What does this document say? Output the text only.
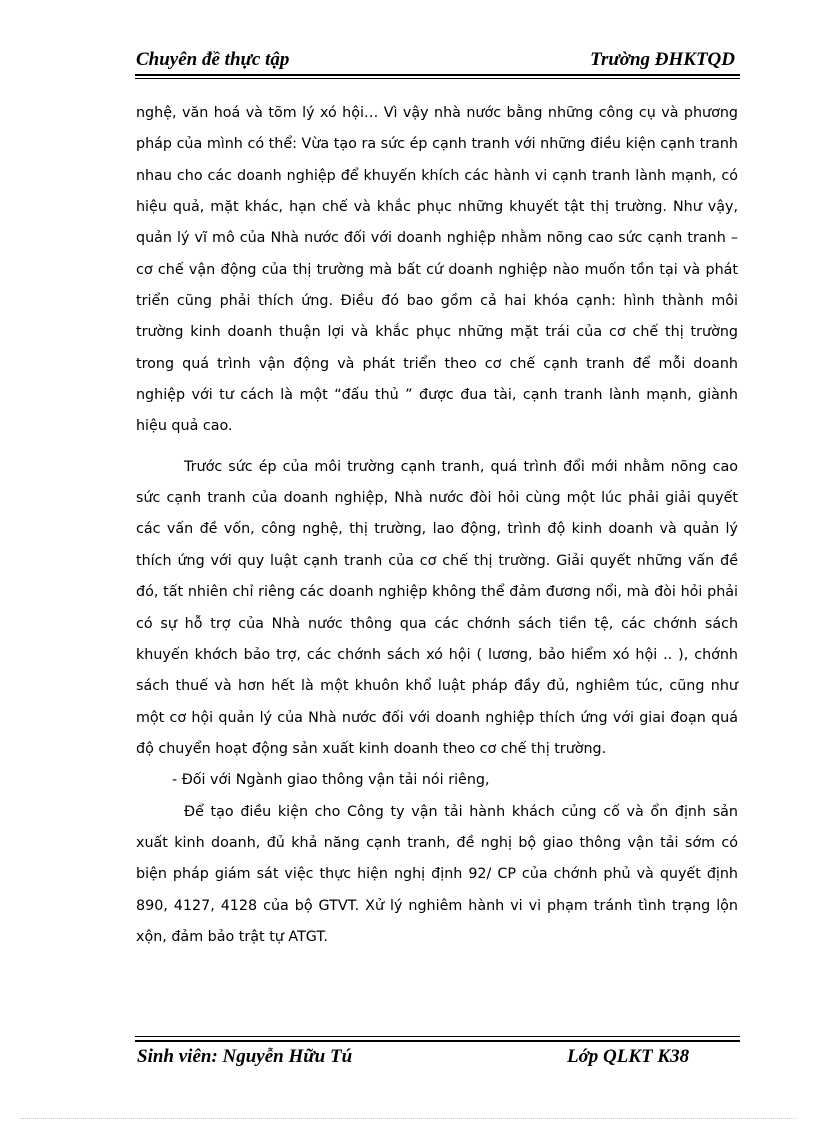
Chuyên đề thực tập	Trường ĐHKTQD

nghệ, văn hoá và tõm lý xó hội… Vì vậy nhà nước bằng những công cụ và phương pháp của mình có thể: Vừa tạo ra sức ép cạnh tranh với những điều kiện cạnh tranh nhau cho các doanh nghiệp để khuyến khích các hành vi cạnh tranh lành mạnh, có hiệu quả, mặt khác, hạn chế và khắc phục những khuyết tật thị trường. Như vậy, quản lý vĩ mô của Nhà nước đối với doanh nghiệp nhằm nõng cao sức cạnh tranh – cơ chế vận động của thị trường mà bất cứ doanh nghiệp nào muốn tồn tại và phát triển cũng phải thích ứng. Điều đó bao gồm cả hai khóa cạnh: hình thành môi trường kinh doanh thuận lợi và khắc phục những mặt trái của cơ chế thị trường trong quá trình vận động và phát triển theo cơ chế cạnh tranh để mỗi doanh nghiệp với tư cách là một “đấu thủ ” được đua tài, cạnh tranh lành mạnh, giành hiệu quả cao.

Trước sức ép của môi trường cạnh tranh, quá trình đổi mới nhằm nõng cao sức cạnh tranh của doanh nghiệp, Nhà nước đòi hỏi cùng một lúc phải giải quyết các vấn đề vốn, công nghệ, thị trường, lao động, trình độ kinh doanh và quản lý thích ứng với quy luật cạnh tranh của cơ chế thị trường. Giải quyết những vấn đề đó, tất nhiên chỉ riêng các doanh nghiệp không thể đảm đương nổi, mà đòi hỏi phải có sự hỗ trợ của Nhà nước thông qua các chớnh sách tiền tệ, các chớnh sách khuyến khớch bảo trợ, các chớnh sách xó hội ( lương, bảo hiểm xó hội .. ), chớnh sách thuế và hơn hết là một khuôn khổ luật pháp đầy đủ, nghiêm túc, cũng như một cơ hội quản lý của Nhà nước đối với doanh nghiệp thích ứng với giai đoạn quá độ chuyển hoạt động sản xuất kinh doanh theo cơ chế thị trường.

- Đối với Ngành giao thông vận tải nói riêng,

Để tạo điều kiện cho Công ty vận tải hành khách củng cố và ổn định sản xuất kinh doanh, đủ khả năng cạnh tranh, đề nghị bộ giao thông vận tải sớm có biện pháp giám sát việc thực hiện nghị định 92/ CP của chớnh phủ và quyết định 890, 4127, 4128 của bộ GTVT. Xử lý nghiêm hành vi vi phạm tránh tình trạng lộn xộn, đảm bảo trật tự ATGT.

Sinh viên: Nguyễn Hữu Tú	Lớp QLKT K38
